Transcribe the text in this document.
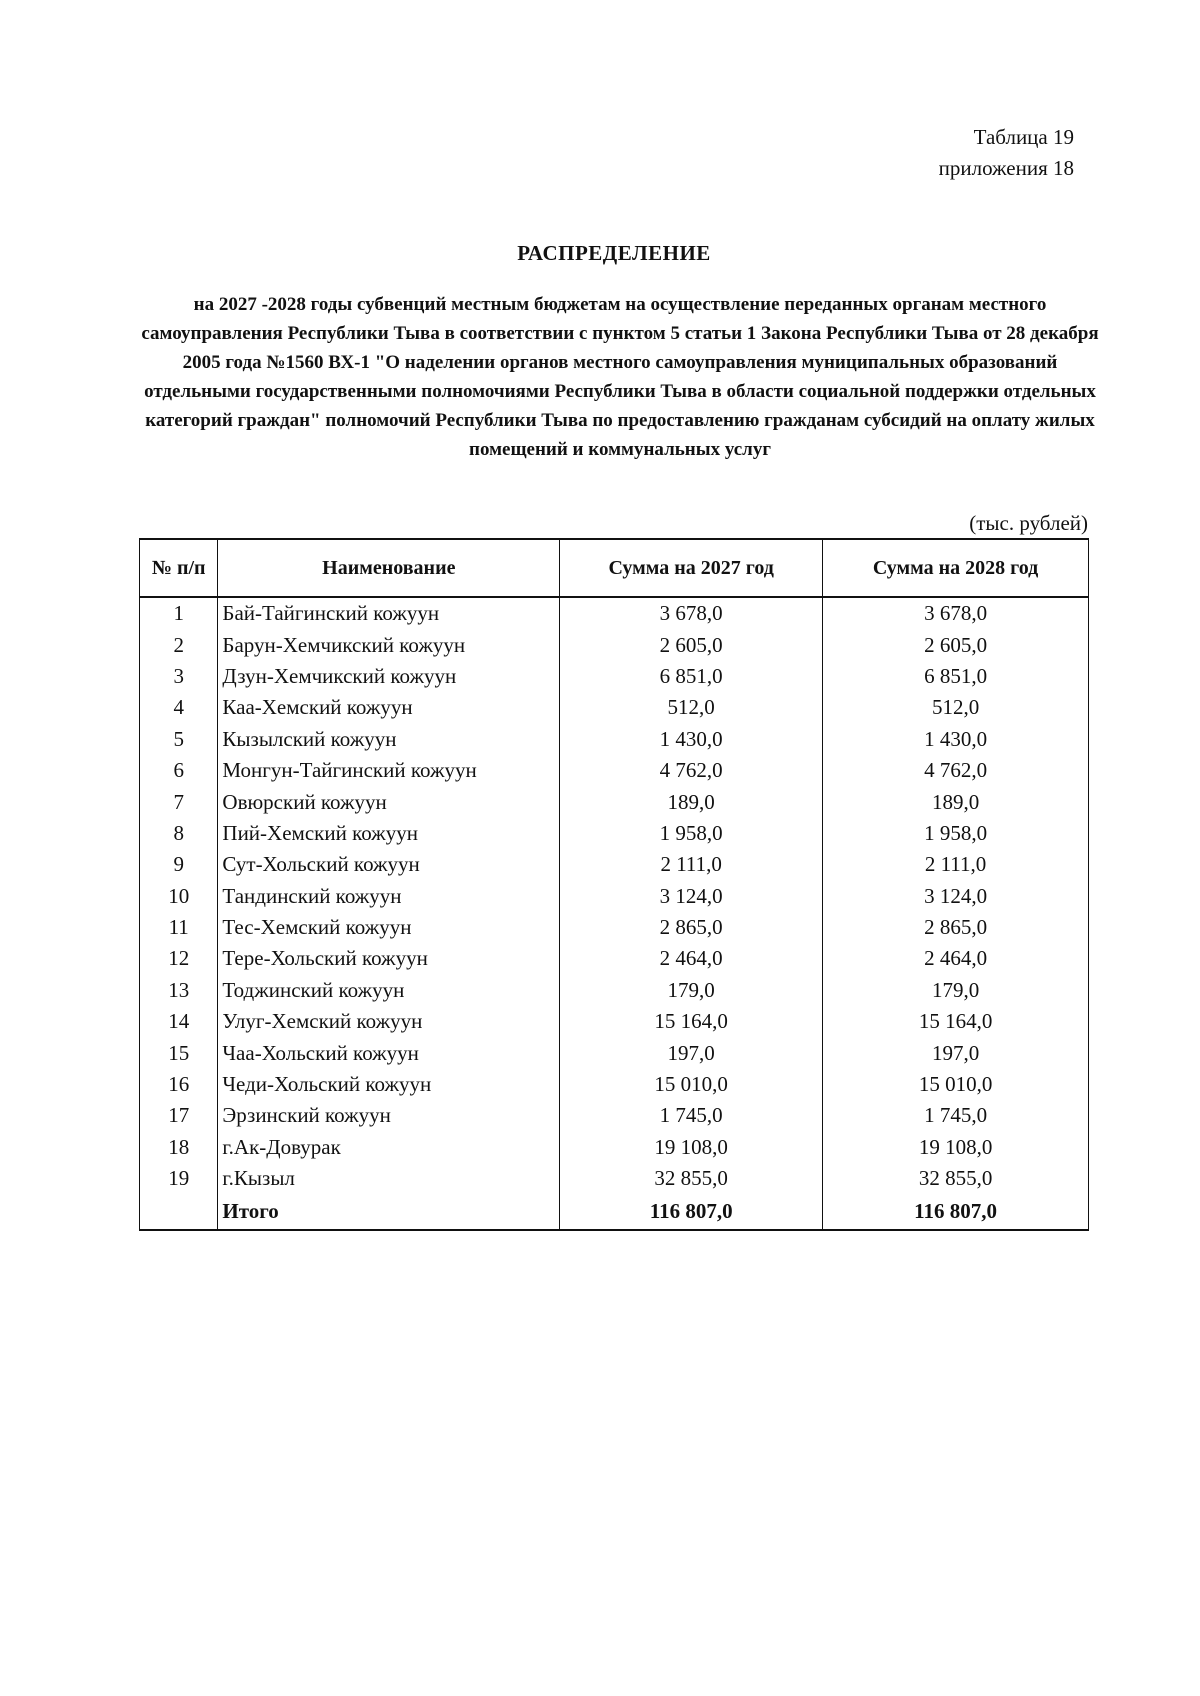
Таблица 19
приложения 18
РАСПРЕДЕЛЕНИЕ
на 2027 -2028 годы субвенций местным бюджетам на осуществление переданных органам местного самоуправления Республики Тыва в соответствии с пунктом 5 статьи 1 Закона Республики Тыва от 28 декабря 2005 года №1560 ВХ-1 "О наделении органов местного самоуправления муниципальных образований отдельными государственными полномочиями Республики Тыва в области социальной поддержки отдельных категорий граждан" полномочий Республики Тыва по предоставлению гражданам субсидий на оплату жилых помещений и коммунальных услуг
(тыс. рублей)
№ п/п	Наименование	Сумма на 2027 год	Сумма на 2028 год
1	Бай-Тайгинский кожуун	3 678,0	3 678,0
2	Барун-Хемчикский кожуун	2 605,0	2 605,0
3	Дзун-Хемчикский кожуун	6 851,0	6 851,0
4	Каа-Хемский кожуун	512,0	512,0
5	Кызылский кожуун	1 430,0	1 430,0
6	Монгун-Тайгинский кожуун	4 762,0	4 762,0
7	Овюрский кожуун	189,0	189,0
8	Пий-Хемский кожуун	1 958,0	1 958,0
9	Сут-Хольский кожуун	2 111,0	2 111,0
10	Тандинский кожуун	3 124,0	3 124,0
11	Тес-Хемский кожуун	2 865,0	2 865,0
12	Тере-Хольский кожуун	2 464,0	2 464,0
13	Тоджинский кожуун	179,0	179,0
14	Улуг-Хемский кожуун	15 164,0	15 164,0
15	Чаа-Хольский кожуун	197,0	197,0
16	Чеди-Хольский кожуун	15 010,0	15 010,0
17	Эрзинский кожуун	1 745,0	1 745,0
18	г.Ак-Довурак	19 108,0	19 108,0
19	г.Кызыл	32 855,0	32 855,0
	Итого	116 807,0	116 807,0
